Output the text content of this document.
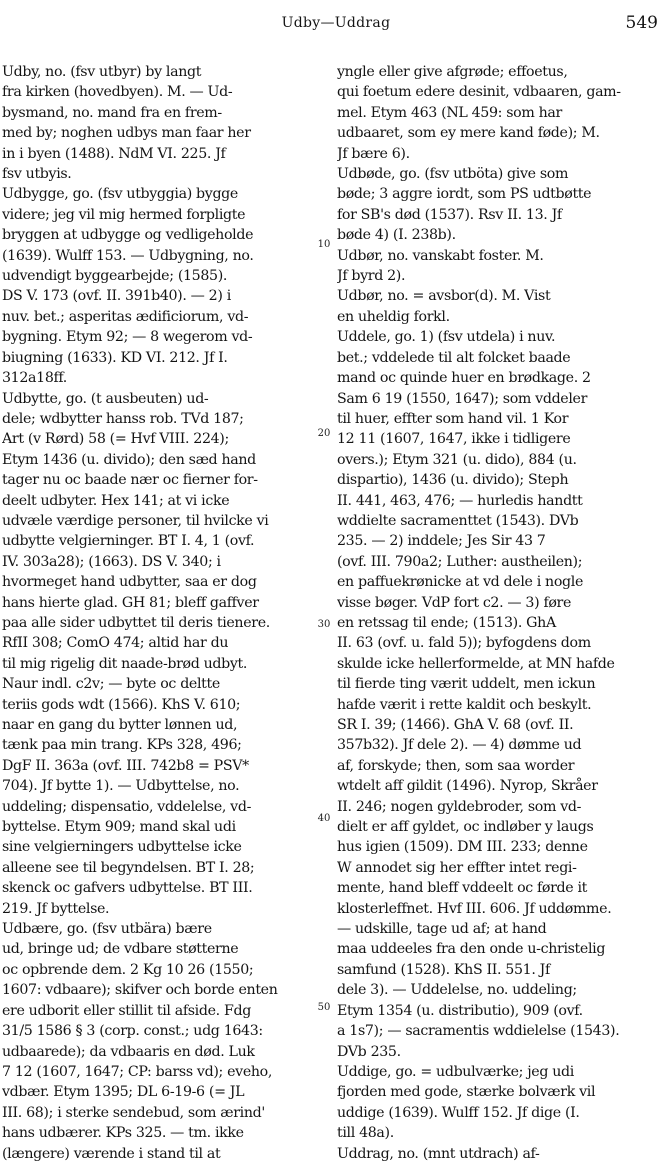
Udby—Uddrag	549
Udby, no. (fsv utbyr) by langt
fra kirken (hovedbyen). M. — Ud-
bysmand, no. mand fra en frem-
med by; noghen udbys man faar her
in i byen (1488). NdM VI. 225. Jf
fsv utbyis.
Udbygge, go. (fsv utbyggia) bygge
videre; jeg vil mig hermed forpligte
bryggen at udbygge og vedligeholde
(1639). Wulff 153. — Udbygning, no.
udvendigt byggearbejde; (1585).
DS V. 173 (ovf. II. 391b40). — 2) i
nuv. bet.; asperitas ædificiorum, vd-
bygning. Etym 92; — 8 wegerom vd-
biugning (1633). KD VI. 212. Jf I.
312a18ff.
Udbytte, go. (t ausbeuten) ud-
dele; wdbytter hanss rob. TVd 187;
Art (v Rørd) 58 (= Hvf VIII. 224);
Etym 1436 (u. divido); den sæd hand
tager nu oc baade nær oc fierner for-
deelt udbyter. Hex 141; at vi icke
udvæle værdige personer, til hvilcke vi
udbytte velgierninger. BT I. 4, 1 (ovf.
IV. 303a28); (1663). DS V. 340; i
hvormeget hand udbytter, saa er dog
hans hierte glad. GH 81; bleff gaffver
paa alle sider udbyttet til deris tienere.
RfII 308; ComO 474; altid har du
til mig rigelig dit naade-brød udbyt.
Naur indl. c2v; — byte oc deltte
teriis gods wdt (1566). KhS V. 610;
naar en gang du bytter lønnen ud,
tænk paa min trang. KPs 328, 496;
DgF II. 363a (ovf. III. 742b8 = PSV*
704). Jf bytte 1). — Udbyttelse, no.
uddeling; dispensatio, vddelelse, vd-
byttelse. Etym 909; mand skal udi
sine velgierningers udbyttelse icke
alleene see til begyndelsen. BT I. 28;
skenck oc gafvers udbyttelse. BT III.
219. Jf byttelse.
Udbære, go. (fsv utbära) bære
ud, bringe ud; de vdbare støtterne
oc opbrende dem. 2 Kg 10 26 (1550;
1607: vdbaare); skifver och borde enten
ere udborit eller stillit til afsidе. Fdg
31/5 1586 § 3 (corp. const.; udg 1643:
udbaarede); da vdbaaris en død. Luk
7 12 (1607, 1647; CP: barss vd); eveho,
vdbær. Etym 1395; DL 6-19-6 (= JL
III. 68); i sterke sendebud, som ærind'
hans udbærer. KPs 325. — tm. ikke
(længere) værende i stand til at
yngle eller give afgrøde; effoetus,
qui foetum edere desinit, vdbaaren, gam-
mel. Etym 463 (NL 459: som har
udbaaret, som ey mere kand føde); M.
Jf bære 6).
Udbøde, go. (fsv utböta) give som
bøde; 3 aggre iordt, som PS udtbøtte
for SB's død (1537). Rsv II. 13. Jf
bøde 4) (I. 238b).
Udbør, no. vanskabt foster. M.
Jf byrd 2).
Udbør, no. = avsbor(d). M. Vist
en uheldig forkl.
Uddele, go. 1) (fsv utdela) i nuv.
bet.; vddelede til alt folcket baade
mand oc quinde huer en brødkage. 2
Sam 6 19 (1550, 1647); som vddeler
til huer, effter som hand vil. 1 Kor
12 11 (1607, 1647, ikke i tidligere
overs.); Etym 321 (u. dido), 884 (u.
dispartio), 1436 (u. divido); Steph
II. 441, 463, 476; — hurledis handtt
wddielte sacramenttet (1543). DVb
235. — 2) inddele; Jes Sir 43 7
(ovf. III. 790a2; Luther: austheilen);
en paffuekrønicke at vd dele i nogle
visse bøger. VdP fort c2. — 3) føre
en retssag til ende; (1513). GhA
II. 63 (ovf. u. fald 5)); byfogdens dom
skulde icke hellerformelde, at MN hafde
til fierde ting værit uddelt, men ickun
hafde værit i rette kaldit och beskylt.
SR I. 39; (1466). GhA V. 68 (ovf. II.
357b32). Jf dele 2). — 4) dømme ud
af, forskyde; then, som saa worder
wtdelt aff gildit (1496). Nyrop, Skråer
II. 246; nogen gyldebroder, som vd-
dielt er aff gyldet, oc indløber y laugs
hus igien (1509). DM III. 233; denne
W annodet sig her effter intet regi-
mente, hand bleff vddeelt oc førde it
klosterleffnet. Hvf III. 606. Jf uddømme.
— udskille, tage ud af; at hand
maa uddeeles fra den onde u-christelig
samfund (1528). KhS II. 551. Jf
dele 3). — Uddelelse, no. uddeling;
Etym 1354 (u. distributio), 909 (ovf.
a 1s7); — sacramentis wddielelse (1543).
DVb 235.
Uddige, go. = udbulværke; jeg udi
fjorden med gode, stærke bolværk vil
uddige (1639). Wulff 152. Jf dige (I.
till 48a).
Uddrag, no. (mnt utdrach) af-
10
20
30
40
50
